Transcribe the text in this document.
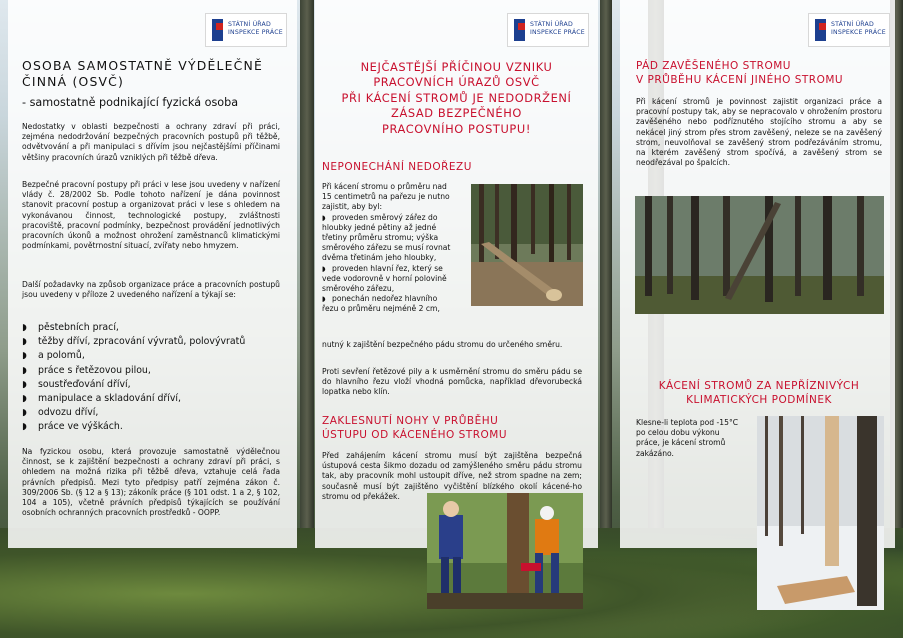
STÁTNÍ ÚŘAD
INSPEKCE PRÁCE
STÁTNÍ ÚŘAD
INSPEKCE PRÁCE
STÁTNÍ ÚŘAD
INSPEKCE PRÁCE
OSOBA SAMOSTATNĚ VÝDĚLEČNĚ
ČINNÁ (OSVČ)
- samostatně podnikající fyzická osoba

Nedostatky v oblasti bezpečnosti a ochrany zdraví při práci, zejména nedodržování bezpečných pracovních postupů při těžbě, odvětvování a při manipulaci s dřívím jsou nejčastějšími příčinami většiny pracovních úrazů vzniklých při těžbě dřeva.

Bezpečné pracovní postupy při práci v lese jsou uvedeny v nařízení vlády č. 28/2002 Sb. Podle tohoto nařízení je dána povinnost stanovit pracovní postup a organizovat práci v lese s ohledem na vykonávanou činnost, technologické postupy, zvláštnosti pracoviště, pracovní podmínky, bezpečnost provádění jednotlivých pracovních úkonů a možnost ohrožení zaměstnanců klimatickými podmínkami, povětrnostní situací, zvířaty nebo hmyzem.

Další požadavky na způsob organizace práce a pracovních postupů jsou uvedeny v příloze 2 uvedeného nařízení a týkají se:

◗ pěstebních prací,
◗ těžby dříví, zpracování vývratů, polovývratů
◗ a polomů,
◗ práce s řetězovou pilou,
◗ soustřeďování dříví,
◗ manipulace a skladování dříví,
◗ odvozu dříví,
◗ práce ve výškách.

Na fyzickou osobu, která provozuje samostatně výdělečnou činnost, se k zajištění bezpečnosti a ochrany zdraví při práci, s ohledem na možná rizika při těžbě dřeva, vztahuje celá řada právních předpisů. Mezi tyto předpisy patří zejména zákon č. 309/2006 Sb. (§ 12 a § 13); zákoník práce (§ 101 odst. 1 a 2, § 102, 104 a 105), včetně právních předpisů týkajících se používání osobních ochranných pracovních prostředků - OOPP.

NEJČASTĚJŠÍ PŘÍČINOU VZNIKU
PRACOVNÍCH ÚRAZŮ OSVČ
PŘI KÁCENÍ STROMŮ JE NEDODRŽENÍ
ZÁSAD BEZPEČNÉHO
PRACOVNÍHO POSTUPU!
NEPONECHÁNÍ NEDOŘEZU
Při kácení stromu o průměru nad
15 centimetrů na pařezu je nutno
zajistit, aby byl:
◗ proveden směrový zářez do
hloubky jedné pětiny až jedné
třetiny průměru stromu; výška
směrového zářezu se musí rovnat
dvěma třetinám jeho hloubky,
◗ proveden hlavní řez, který se
vede vodorovně v horní polovině
směrového zářezu,
◗ ponechán nedořez hlavního
řezu o průměru nejméně 2 cm,

nutný k zajištění bezpečného pádu stromu do určeného směru.

Proti sevření řetězové pily a k usměrnění stromu do směru pádu se do hlavního řezu vloží vhodná pomůcka, například dřevorubecká lopatka nebo klín.

ZAKLESNUTÍ NOHY V PRŮBĚHU
ÚSTUPU OD KÁCENÉHO STROMU

Před zahájením kácení stromu musí být zajištěna bezpečná ústupová cesta šikmo dozadu od zamýšleného směru pádu stromu tak, aby pracovník mohl ustoupit dříve, než strom spadne na zem; současně musí být zajištěno vyčištění blízkého okolí kácené-ho stromu od překážek.

PÁD ZAVĚŠENÉHO STROMU
V PRŮBĚHU KÁCENÍ JINÉHO STROMU

Při kácení stromů je povinnost zajistit organizaci práce a pracovní postupy tak, aby se nepracovalo v ohrožením prostoru zavěšeného nebo podříznutého stojícího stromu a aby se nekácel jiný strom přes strom zavěšený, neleze se na zavěšený strom, neuvolňoval se zavěšený strom podřezáváním stromu, na kterém zavěšený strom spočívá, a zavěšený strom se neodřezával po špalcích.

KÁCENÍ STROMŮ ZA NEPŘÍZNIVÝCH
KLIMATICKÝCH PODMÍNEK
Klesne-li teplota pod -15°C
po celou dobu výkonu
práce, je kácení stromů
zakázáno.
